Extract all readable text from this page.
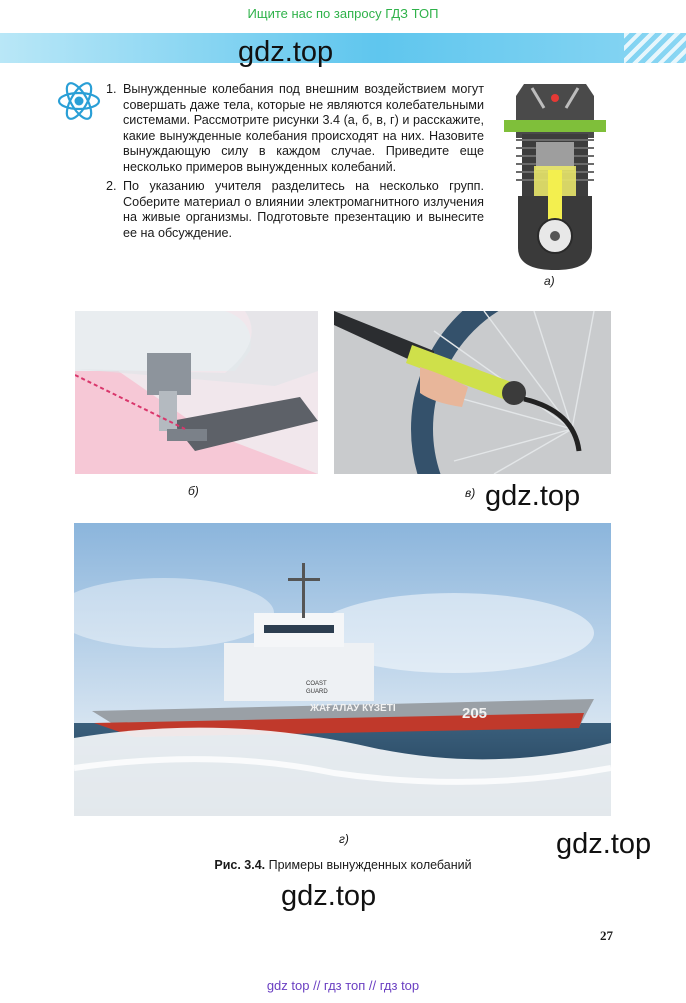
Ищите нас по запросу ГДЗ ТОП
gdz.top

1. Вынужденные колебания под внешним воздействием могут совершать даже тела, которые не являются колебательными системами. Рассмотрите рисунки 3.4 (а, б, в, г) и расскажите, какие вынужденные колебания происходят на них. Назовите вынуждающую силу в каждом случае. Приведите еще несколько примеров вынужденных колебаний.

2. По указанию учителя разделитесь на несколько групп. Соберите материал о влиянии электромагнитного излучения на живые организмы. Подготовьте презентацию и вынесите ее на обсуждение.

а)
б)	в) gdz.top
COAST
GUARD
ЖАҒАЛАУ КҮЗЕТІ	205
г)	gdz.top
Рис. 3.4. Примеры вынужденных колебаний
gdz.top
27
gdz top // гдз топ // гдз top
